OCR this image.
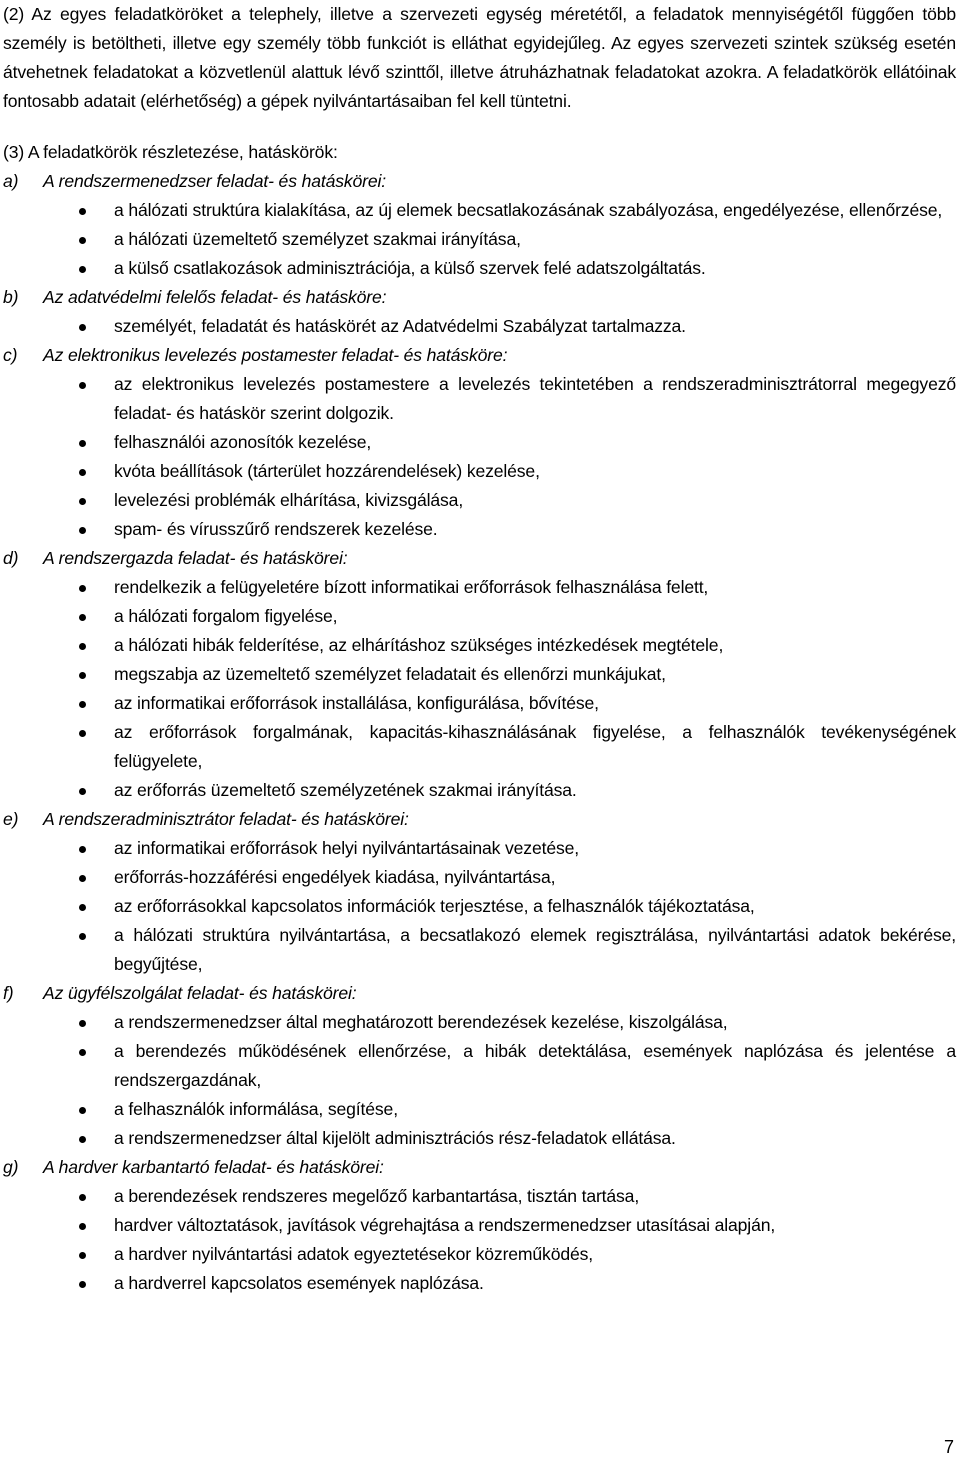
(2) Az egyes feladatköröket a telephely, illetve a szervezeti egység méretétől, a feladatok mennyiségétől függően több személy is betöltheti, illetve egy személy több funkciót is elláthat egyidejűleg. Az egyes szervezeti szintek szükség esetén átvehetnek feladatokat a közvetlenül alattuk lévő szinttől, illetve átruházhatnak feladatokat azokra. A feladatkörök ellátóinak fontosabb adatait (elérhetőség) a gépek nyilvántartásaiban fel kell tüntetni.

(3) A feladatkörök részletezése, hatáskörök:

a)	A rendszermenedzser feladat- és hatáskörei:
a hálózati struktúra kialakítása, az új elemek becsatlakozásának szabályozása, engedélyezése, ellenőrzése,
a hálózati üzemeltető személyzet szakmai irányítása,
a külső csatlakozások adminisztrációja, a külső szervek felé adatszolgáltatás.
b)	Az adatvédelmi felelős feladat- és hatásköre:
személyét, feladatát és hatáskörét az Adatvédelmi Szabályzat tartalmazza.
c)	Az elektronikus levelezés postamester feladat- és hatásköre:
az elektronikus levelezés postamestere a levelezés tekintetében a rendszeradminisztrátorral megegyező feladat- és hatáskör szerint dolgozik.
felhasználói azonosítók kezelése,
kvóta beállítások (tárterület hozzárendelések) kezelése,
levelezési problémák elhárítása, kivizsgálása,
spam- és vírusszűrő rendszerek kezelése.
d)	A rendszergazda feladat- és hatáskörei:
rendelkezik a felügyeletére bízott informatikai erőforrások felhasználása felett,
a hálózati forgalom figyelése,
a hálózati hibák felderítése, az elhárításhoz szükséges intézkedések megtétele,
megszabja az üzemeltető személyzet feladatait és ellenőrzi munkájukat,
az informatikai erőforrások installálása, konfigurálása, bővítése,
az erőforrások forgalmának, kapacitás-kihasználásának figyelése, a felhasználók tevékenységének felügyelete,
az erőforrás üzemeltető személyzetének szakmai irányítása.
e)	A rendszeradminisztrátor feladat- és hatáskörei:
az informatikai erőforrások helyi nyilvántartásainak vezetése,
erőforrás-hozzáférési engedélyek kiadása, nyilvántartása,
az erőforrásokkal kapcsolatos információk terjesztése, a felhasználók tájékoztatása,
a hálózati struktúra nyilvántartása, a becsatlakozó elemek regisztrálása, nyilvántartási adatok bekérése, begyűjtése,
f)	Az ügyfélszolgálat feladat- és hatáskörei:
a rendszermenedzser által meghatározott berendezések kezelése, kiszolgálása,
a berendezés működésének ellenőrzése, a hibák detektálása, események naplózása és jelentése a rendszergazdának,
a felhasználók informálása, segítése,
a rendszermenedzser által kijelölt adminisztrációs rész-feladatok ellátása.
g)	A hardver karbantartó feladat- és hatáskörei:
a berendezések rendszeres megelőző karbantartása, tisztán tartása,
hardver változtatások, javítások végrehajtása a rendszermenedzser utasításai alapján,
a hardver nyilvántartási adatok egyeztetésekor közreműködés,
a hardverrel kapcsolatos események naplózása.
7
